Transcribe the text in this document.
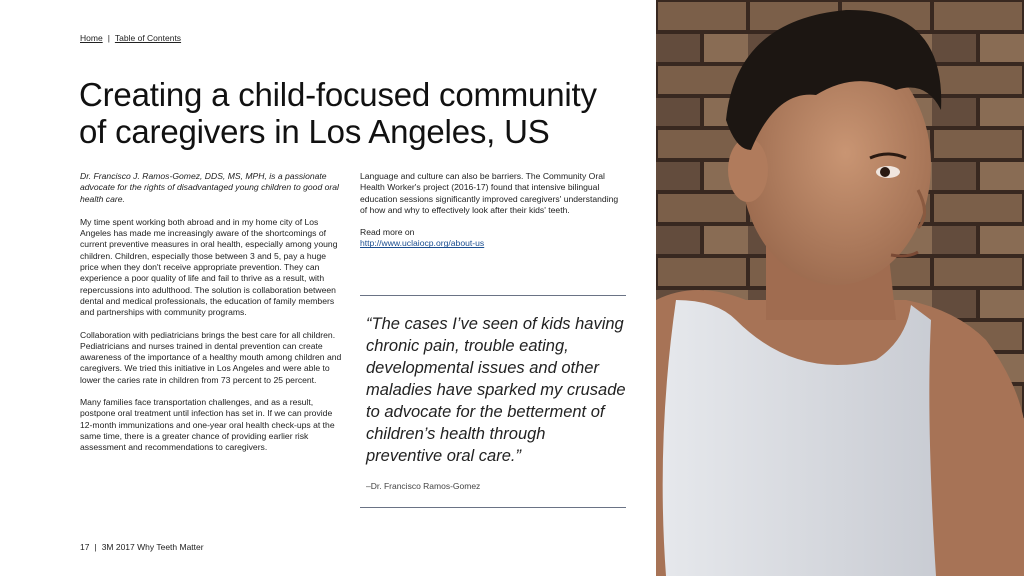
Home | Table of Contents
Creating a child-focused community
of caregivers in Los Angeles, US

Dr. Francisco J. Ramos-Gomez, DDS, MS, MPH, is a passionate advocate for the rights of disadvantaged young children to good oral health care.

My time spent working both abroad and in my home city of Los Angeles has made me increasingly aware of the shortcomings of current preventive measures in oral health, especially among young children. Children, especially those between 3 and 5, pay a huge price when they don't receive appropriate prevention. They can experience a poor quality of life and fail to thrive as a result, with repercussions into adulthood. The solution is collaboration between dental and medical professionals, the education of family members and partnerships with community programs.

Collaboration with pediatricians brings the best care for all children. Pediatricians and nurses trained in dental prevention can create awareness of the importance of a healthy mouth among children and caregivers. We tried this initiative in Los Angeles and were able to lower the caries rate in children from 73 percent to 25 percent.

Many families face transportation challenges, and as a result, postpone oral treatment until infection has set in. If we can provide 12-month immunizations and one-year oral health check-ups at the same time, there is a greater chance of providing earlier risk assessment and recommendations to caregivers.

Language and culture can also be barriers. The Community Oral Health Worker's project (2016-17) found that intensive bilingual education sessions significantly improved caregivers' understanding of how and why to effectively look after their kids' teeth.

Read more on
http://www.uclaiocp.org/about-us

“The cases I’ve seen of kids having chronic pain, trouble eating, developmental issues and other maladies have sparked my crusade to advocate for the betterment of children’s health through preventive oral care.”
–Dr. Francisco Ramos-Gomez
17 | 3M 2017 Why Teeth Matter
